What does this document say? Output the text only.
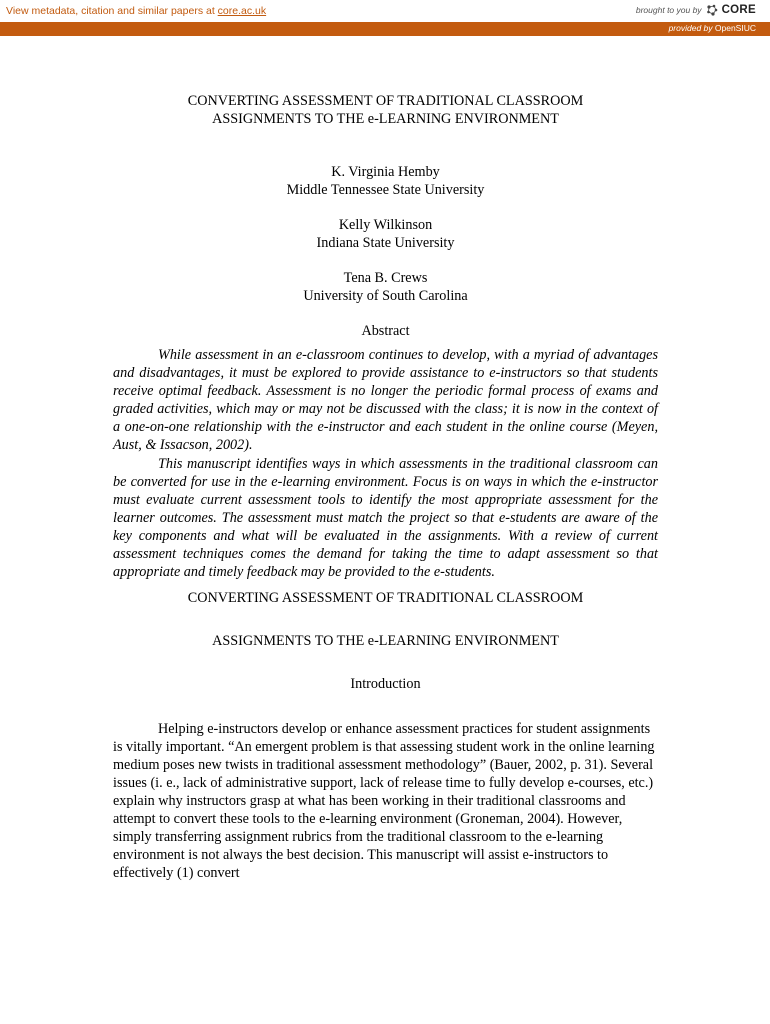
View metadata, citation and similar papers at core.ac.uk	brought to you by CORE
provided by OpenSIUC
CONVERTING ASSESSMENT OF TRADITIONAL CLASSROOM
ASSIGNMENTS TO THE e-LEARNING ENVIRONMENT
K. Virginia Hemby
Middle Tennessee State University
Kelly Wilkinson
Indiana State University
Tena B. Crews
University of South Carolina
Abstract

While assessment in an e-classroom continues to develop, with a myriad of advantages and disadvantages, it must be explored to provide assistance to e-instructors so that students receive optimal feedback. Assessment is no longer the periodic formal process of exams and graded activities, which may or may not be discussed with the class; it is now in the context of a one-on-one relationship with the e-instructor and each student in the online course (Meyen, Aust, & Issacson, 2002).

This manuscript identifies ways in which assessments in the traditional classroom can be converted for use in the e-learning environment. Focus is on ways in which the e-instructor must evaluate current assessment tools to identify the most appropriate assessment for the learner outcomes. The assessment must match the project so that e-students are aware of the key components and what will be evaluated in the assignments. With a review of current assessment techniques comes the demand for taking the time to adapt assessment so that appropriate and timely feedback may be provided to the e-students.

CONVERTING ASSESSMENT OF TRADITIONAL CLASSROOM
ASSIGNMENTS TO THE e-LEARNING ENVIRONMENT
Introduction

Helping e-instructors develop or enhance assessment practices for student assignments is vitally important. “An emergent problem is that assessing student work in the online learning medium poses new twists in traditional assessment methodology” (Bauer, 2002, p. 31). Several issues (i. e., lack of administrative support, lack of release time to fully develop e-courses, etc.) explain why instructors grasp at what has been working in their traditional classrooms and attempt to convert these tools to the e-learning environment (Groneman, 2004). However, simply transferring assignment rubrics from the traditional classroom to the e-learning environment is not always the best decision. This manuscript will assist e-instructors to effectively (1) convert
